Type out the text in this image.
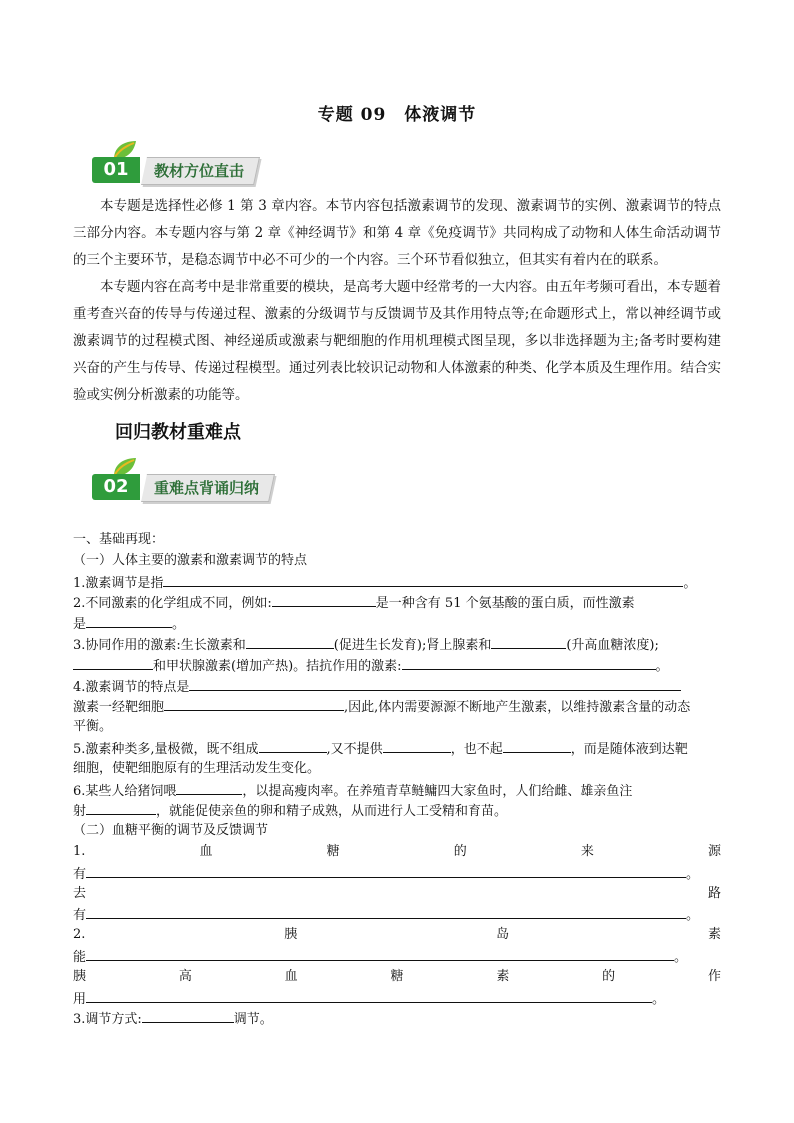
专题 09　体液调节
01	教材方位直击
本专题是选择性必修 1 第 3 章内容。本节内容包括激素调节的发现、激素调节的实例、激素调节的特点三部分内容。本专题内容与第 2 章《神经调节》和第 4 章《免疫调节》共同构成了动物和人体生命活动调节的三个主要环节，是稳态调节中必不可少的一个内容。三个环节看似独立，但其实有着内在的联系。
本专题内容在高考中是非常重要的模块，是高考大题中经常考的一大内容。由五年考频可看出，本专题着重考查兴奋的传导与传递过程、激素的分级调节与反馈调节及其作用特点等;在命题形式上，常以神经调节或激素调节的过程模式图、神经递质或激素与靶细胞的作用机理模式图呈现，多以非选择题为主;备考时要构建兴奋的产生与传导、传递过程模型。通过列表比较识记动物和人体激素的种类、化学本质及生理作用。结合实验或实例分析激素的功能等。
回归教材重难点
02	重难点背诵归纳
一、基础再现：
（一）人体主要的激素和激素调节的特点
1.激素调节是指	。
2.不同激素的化学组成不同，例如:	是一种含有 51 个氨基酸的蛋白质，而性激素
是	。
3.协同作用的激素:生长激素和	(促进生长发育);肾上腺素和	(升高血糖浓度);
和甲状腺激素(增加产热)。拮抗作用的激素:	。
4.激素调节的特点是
激素一经靶细胞	,因此,体内需要源源不断地产生激素，以维持激素含量的动态
平衡。
5.激素种类多,量极微，既不组成	,又不提供	，也不起	，而是随体液到达靶
细胞，使靶细胞原有的生理活动发生变化。
6.某些人给猪饲喂	，以提高瘦肉率。在养殖青草鲢鳙四大家鱼时，人们给雌、雄亲鱼注
射	，就能促使亲鱼的卵和精子成熟，从而进行人工受精和育苗。
（二）血糖平衡的调节及反馈调节
1.	血	糖	的	来	源
有	。
去	路
有	。
2.	胰	岛	素
能	。
胰	高	血	糖	素	的	作
用	。
3.调节方式:	调节。
